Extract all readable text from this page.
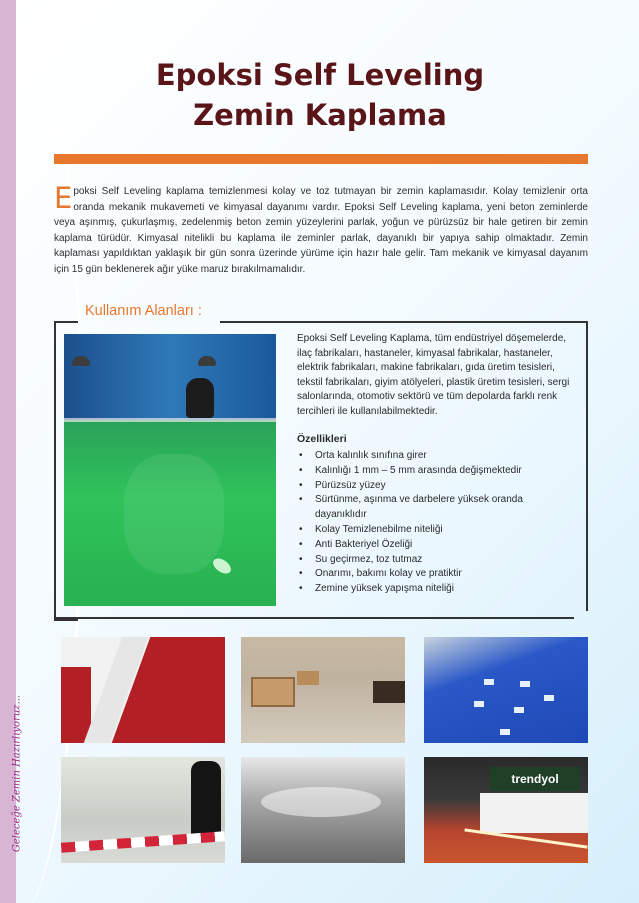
Geleceğe Zemin Hazırlıyoruz...
Epoksi Self Leveling
Zemin Kaplama
E poksi Self Leveling kaplama temizlenmesi kolay ve toz tutmayan bir zemin kaplamasıdır. Kolay temizlenir orta oranda mekanik mukavemeti ve kimyasal dayanımı vardır. Epoksi Self Leveling kaplama, yeni beton zeminlerde veya aşınmış, çukurlaşmış, zedelenmiş beton zemin yüzeylerini parlak, yoğun ve pürüzsüz bir hale getiren bir zemin kaplama türüdür. Kimyasal nitelikli bu kaplama ile zeminler parlak, dayanıklı bir yapıya sahip olmaktadır. Zemin kaplaması yapıldıktan yaklaşık bir gün sonra üzerinde yürüme için hazır hale gelir. Tam mekanik ve kimyasal dayanım için 15 gün beklenerek ağır yüke maruz bırakılmamalıdır.
Kullanım Alanları :
Epoksi Self Leveling Kaplama, tüm endüstriyel döşemelerde, ilaç fabrikaları, hastaneler, kimyasal fabrikalar, hastaneler, elektrik fabrikaları, makine fabrikaları, gıda üretim tesisleri, tekstil fabrikaları, giyim atölyeleri, plastik üretim tesisleri, sergi salonlarında, otomotiv sektörü ve tüm depolarda farklı renk tercihleri ile kullanılabilmektedir.
Özellikleri
• Orta kalınlık sınıfına girer
• Kalınlığı 1 mm – 5 mm arasında değişmektedir
• Pürüzsüz yüzey
• Sürtünme, aşınma ve darbelere yüksek oranda dayanıklıdır
• Kolay Temizlenebilme niteliği
• Anti Bakteriyel Özeliği
• Su geçirmez, toz tutmaz
• Onarımı, bakımı kolay ve pratiktir
• Zemine yüksek yapışma niteliği
trendyol
